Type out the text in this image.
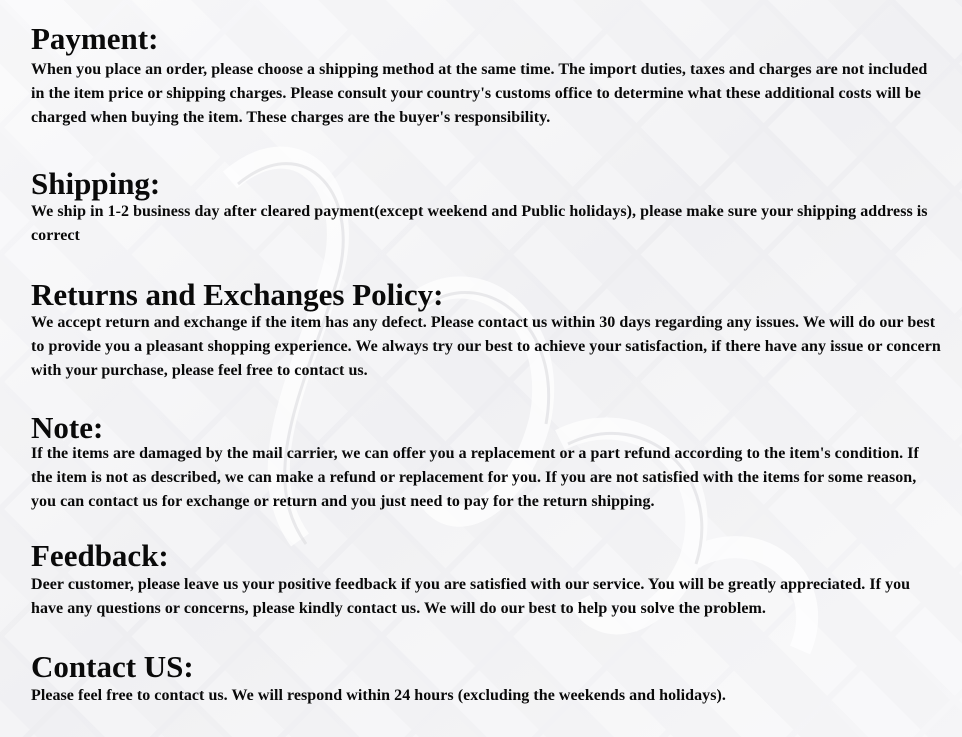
Payment:

When you place an order, please choose a shipping method at the same time. The import duties, taxes and charges are not included in the item price or shipping charges. Please consult your country's customs office to determine what these additional costs will be charged when buying the item. These charges are the buyer's responsibility.

Shipping:

We ship in 1-2 business day after cleared payment(except weekend and Public holidays), please make sure your shipping address is correct

Returns and Exchanges Policy:

We accept return and exchange if the item has any defect. Please contact us within 30 days regarding any issues. We will do our best to provide you a pleasant shopping experience. We always try our best to achieve your satisfaction, if there have any issue or concern with your purchase, please feel free to contact us.

Note:

If the items are damaged by the mail carrier, we can offer you a replacement or a part refund according to the item's condition. If the item is not as described, we can make a refund or replacement for you. If you are not satisfied with the items for some reason, you can contact us for exchange or return and you just need to pay for the return shipping.

Feedback:

Deer customer, please leave us your positive feedback if you are satisfied with our service. You will be greatly appreciated. If you have any questions or concerns, please kindly contact us. We will do our best to help you solve the problem.

Contact US:

Please feel free to contact us. We will respond within 24 hours (excluding the weekends and holidays).
